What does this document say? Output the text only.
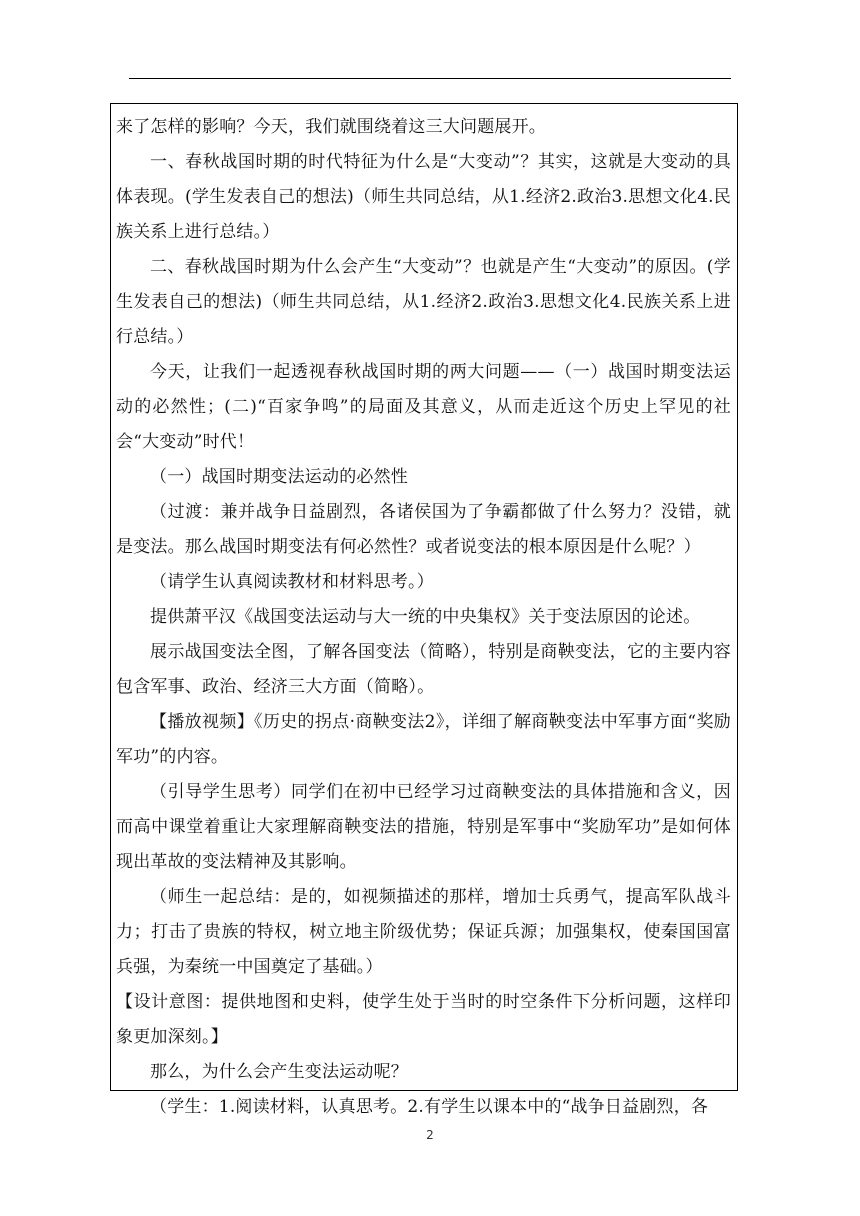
来了怎样的影响？今天，我们就围绕着这三大问题展开。

一、春秋战国时期的时代特征为什么是“大变动”？其实，这就是大变动的具体表现。(学生发表自己的想法)（师生共同总结，从1.经济2.政治3.思想文化4.民族关系上进行总结。）

二、春秋战国时期为什么会产生“大变动”？也就是产生“大变动”的原因。(学生发表自己的想法)（师生共同总结，从1.经济2.政治3.思想文化4.民族关系上进行总结。）

今天，让我们一起透视春秋战国时期的两大问题——（一）战国时期变法运动的必然性；(二)“百家争鸣”的局面及其意义，从而走近这个历史上罕见的社会“大变动”时代！

（一）战国时期变法运动的必然性

（过渡：兼并战争日益剧烈，各诸侯国为了争霸都做了什么努力？没错，就是变法。那么战国时期变法有何必然性？或者说变法的根本原因是什么呢？）

（请学生认真阅读教材和材料思考。）

提供萧平汉《战国变法运动与大一统的中央集权》关于变法原因的论述。

展示战国变法全图，了解各国变法（简略），特别是商鞅变法，它的主要内容包含军事、政治、经济三大方面（简略）。

【播放视频】《历史的拐点·商鞅变法2》，详细了解商鞅变法中军事方面“奖励军功”的内容。

（引导学生思考）同学们在初中已经学习过商鞅变法的具体措施和含义，因而高中课堂着重让大家理解商鞅变法的措施，特别是军事中“奖励军功”是如何体现出革故的变法精神及其影响。

（师生一起总结：是的，如视频描述的那样，增加士兵勇气，提高军队战斗力；打击了贵族的特权，树立地主阶级优势；保证兵源；加强集权，使秦国国富兵强，为秦统一中国奠定了基础。）

【设计意图：提供地图和史料，使学生处于当时的时空条件下分析问题，这样印象更加深刻。】

那么，为什么会产生变法运动呢？

（学生：1.阅读材料，认真思考。2.有学生以课本中的“战争日益剧烈，各

2
